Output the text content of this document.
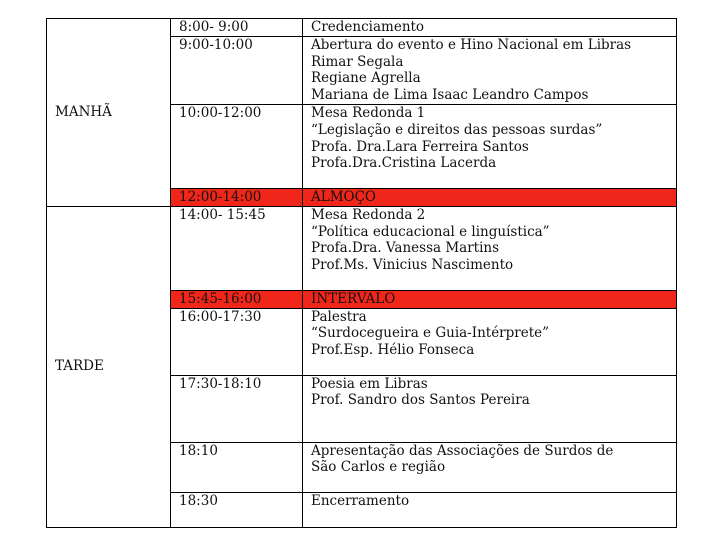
MANHÃ	8:00- 9:00	Credenciamento

	9:00-10:00	Abertura do evento e Hino Nacional em Libras
Rimar Segala
Regiane Agrella
Mariana de Lima Isaac Leandro Campos

	10:00-12:00	Mesa Redonda 1
“Legislação e direitos das pessoas surdas”
Profa. Dra.Lara Ferreira Santos
Profa.Dra.Cristina Lacerda

	12:00-14:00	ALMOÇO

TARDE	14:00- 15:45	Mesa Redonda 2
“Política educacional e linguística”
Profa.Dra. Vanessa Martins
Prof.Ms. Vinicius Nascimento

	15:45-16:00	INTERVALO

	16:00-17:30	Palestra
“Surdocegueira e Guia-Intérprete”
Prof.Esp. Hélio Fonseca

	17:30-18:10	Poesia em Libras
Prof. Sandro dos Santos Pereira

	18:10	Apresentação das Associações de Surdos de
São Carlos e região

	18:30	Encerramento
